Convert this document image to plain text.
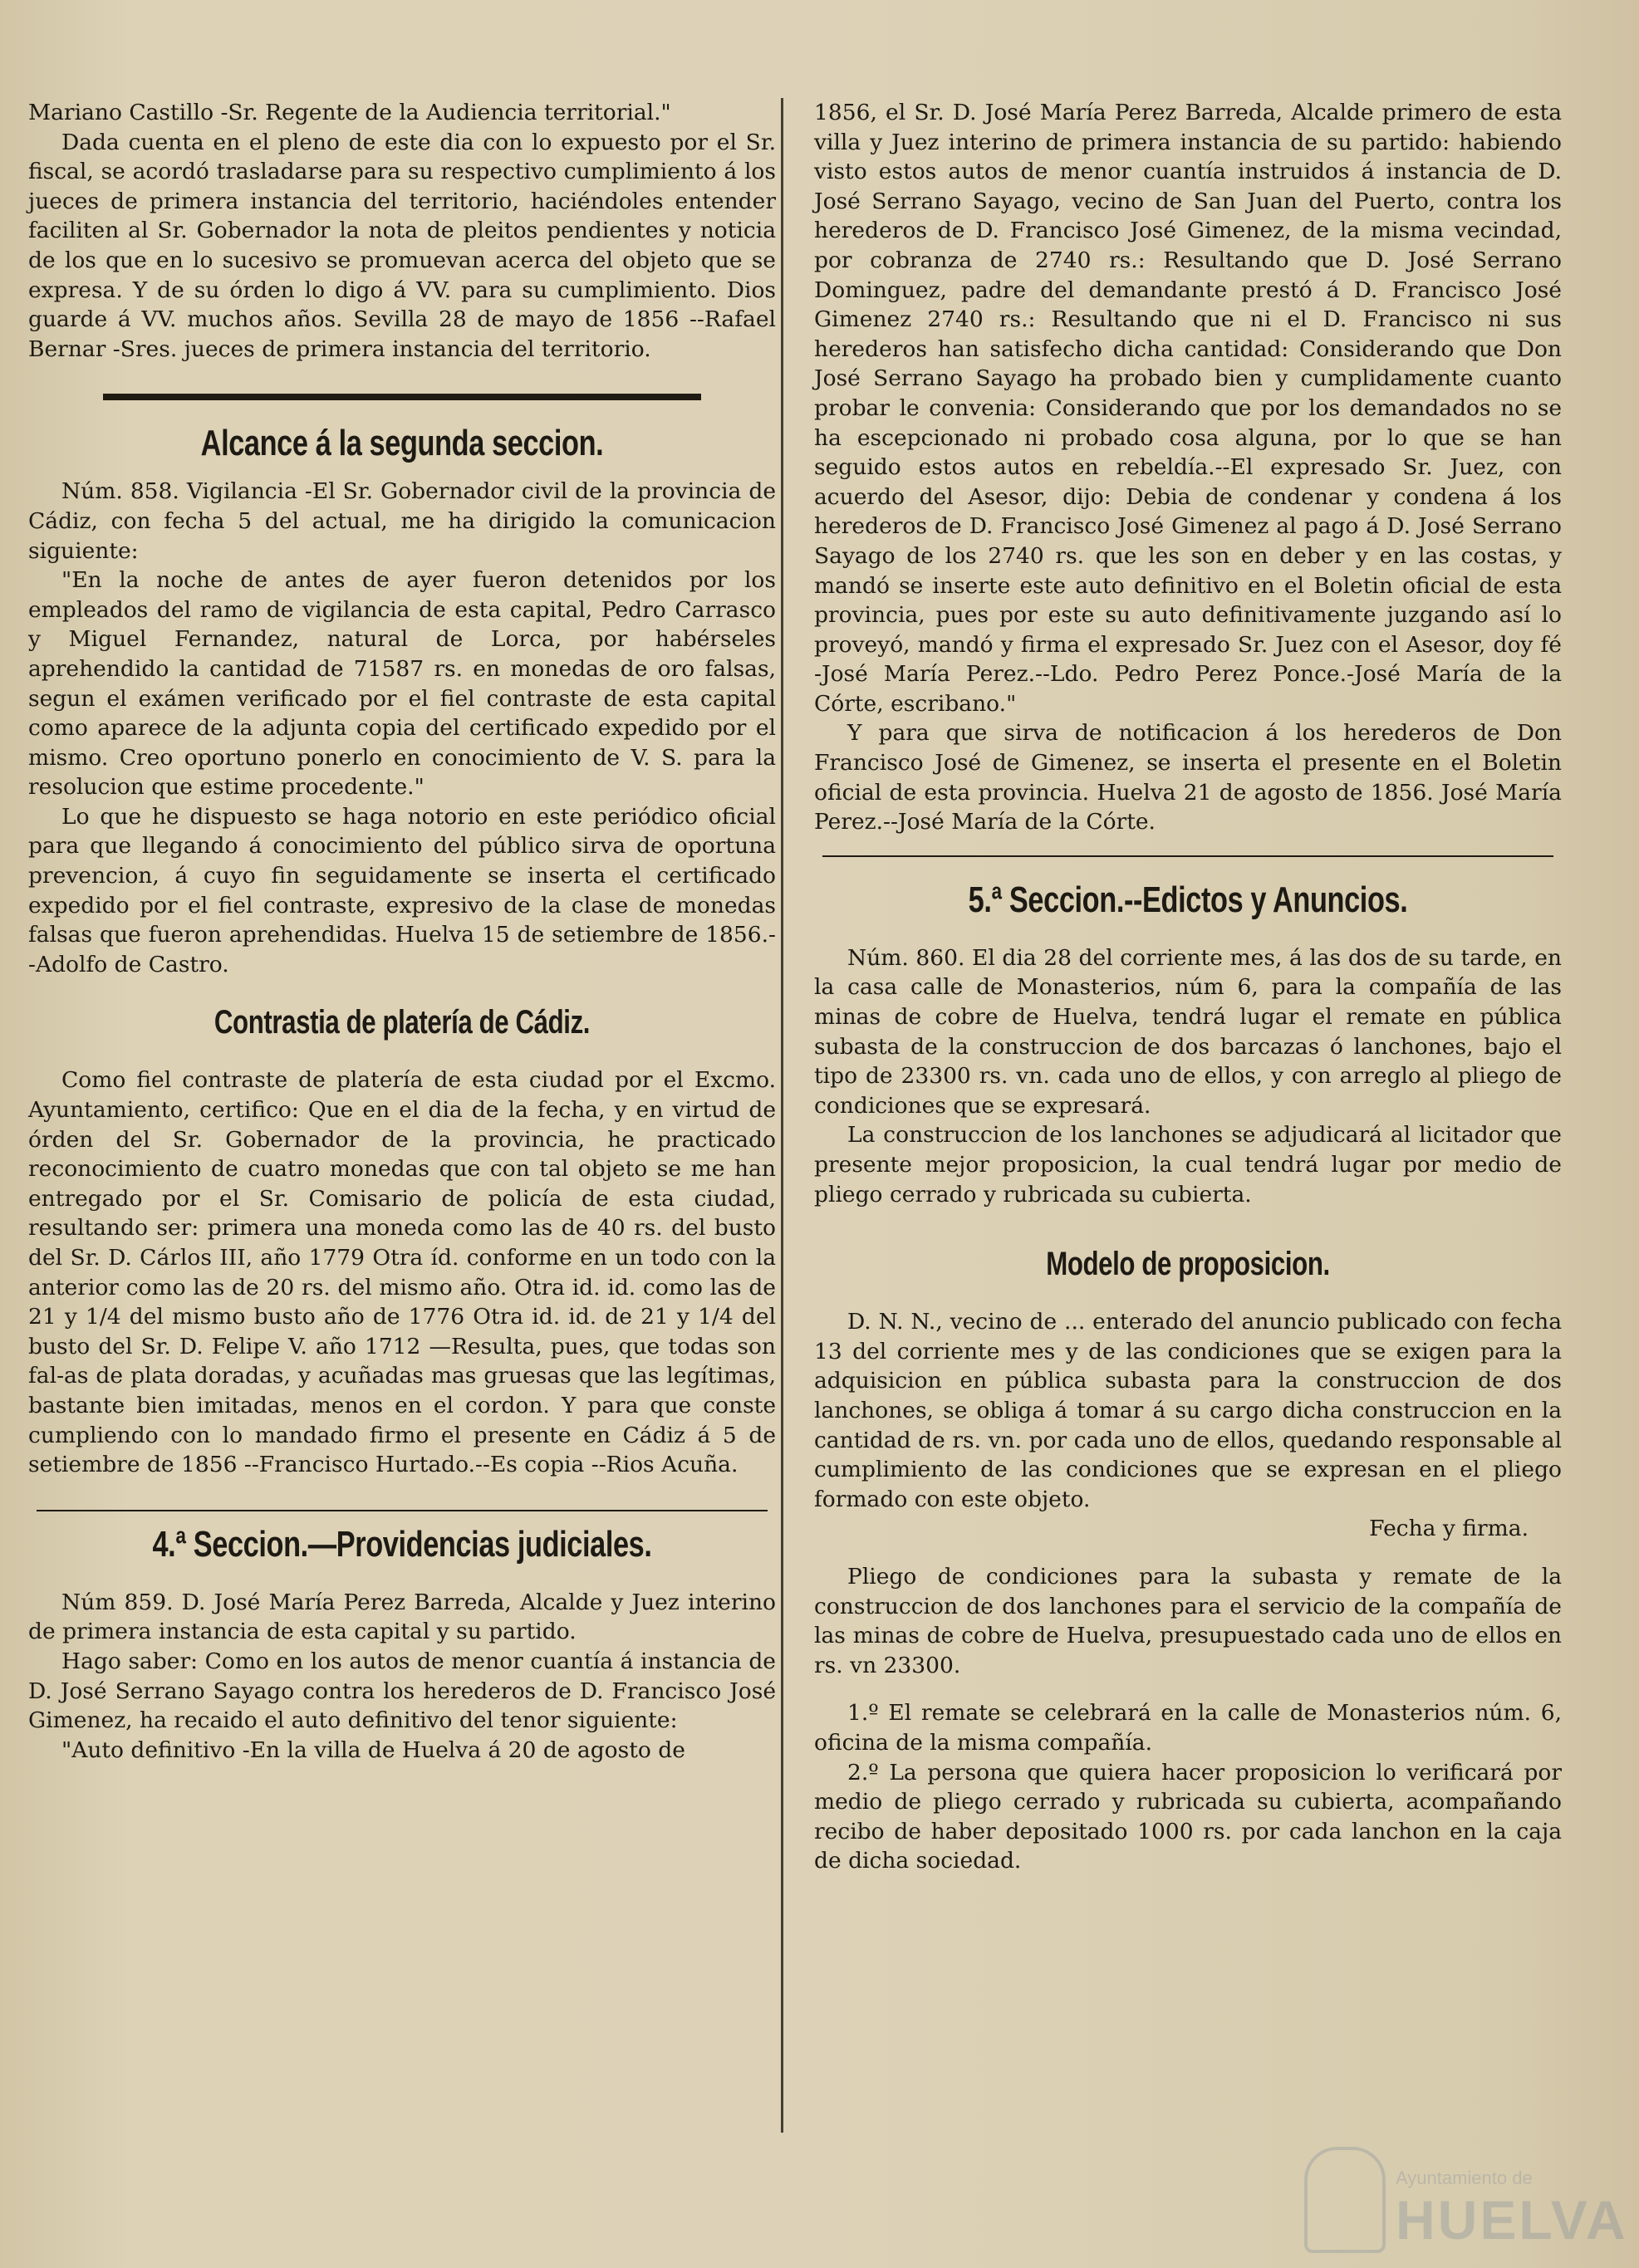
Mariano Castillo -Sr. Regente de la Audiencia territorial."

Dada cuenta en el pleno de este dia con lo expuesto por el Sr. fiscal, se acordó trasladarse para su respectivo cumplimiento á los jueces de primera instancia del territorio, haciéndoles entender faciliten al Sr. Gobernador la nota de pleitos pendientes y noticia de los que en lo sucesivo se promuevan acerca del objeto que se expresa. Y de su órden lo digo á VV. para su cumplimiento. Dios guarde á VV. muchos años. Sevilla 28 de mayo de 1856 --Rafael Bernar -Sres. jueces de primera instancia del territorio.

Alcance á la segunda seccion.

Núm. 858. Vigilancia -El Sr. Gobernador civil de la provincia de Cádiz, con fecha 5 del actual, me ha dirigido la comunicacion siguiente:

"En la noche de antes de ayer fueron detenidos por los empleados del ramo de vigilancia de esta capital, Pedro Carrasco y Miguel Fernandez, natural de Lorca, por habérseles aprehendido la cantidad de 71587 rs. en monedas de oro falsas, segun el exámen verificado por el fiel contraste de esta capital como aparece de la adjunta copia del certificado expedido por el mismo. Creo oportuno ponerlo en conocimiento de V. S. para la resolucion que estime procedente."

Lo que he dispuesto se haga notorio en este periódico oficial para que llegando á conocimiento del público sirva de oportuna prevencion, á cuyo fin seguidamente se inserta el certificado expedido por el fiel contraste, expresivo de la clase de monedas falsas que fueron aprehendidas. Huelva 15 de setiembre de 1856.--Adolfo de Castro.

Contrastia de platería de Cádiz.

Como fiel contraste de platería de esta ciudad por el Excmo. Ayuntamiento, certifico: Que en el dia de la fecha, y en virtud de órden del Sr. Gobernador de la provincia, he practicado reconocimiento de cuatro monedas que con tal objeto se me han entregado por el Sr. Comisario de policía de esta ciudad, resultando ser: primera una moneda como las de 40 rs. del busto del Sr. D. Cárlos III, año 1779 Otra íd. conforme en un todo con la anterior como las de 20 rs. del mismo año. Otra id. id. como las de 21 y 1/4 del mismo busto año de 1776 Otra id. id. de 21 y 1/4 del busto del Sr. D. Felipe V. año 1712 —Resulta, pues, que todas son fal-as de plata doradas, y acuñadas mas gruesas que las legítimas, bastante bien imitadas, menos en el cordon. Y para que conste cumpliendo con lo mandado firmo el presente en Cádiz á 5 de setiembre de 1856 --Francisco Hurtado.--Es copia --Rios Acuña.

4.ª Seccion.—Providencias judiciales.

Núm 859. D. José María Perez Barreda, Alcalde y Juez interino de primera instancia de esta capital y su partido.

Hago saber: Como en los autos de menor cuantía á instancia de D. José Serrano Sayago contra los herederos de D. Francisco José Gimenez, ha recaido el auto definitivo del tenor siguiente:

"Auto definitivo -En la villa de Huelva á 20 de agosto de

1856, el Sr. D. José María Perez Barreda, Alcalde primero de esta villa y Juez interino de primera instancia de su partido: habiendo visto estos autos de menor cuantía instruidos á instancia de D. José Serrano Sayago, vecino de San Juan del Puerto, contra los herederos de D. Francisco José Gimenez, de la misma vecindad, por cobranza de 2740 rs.: Resultando que D. José Serrano Dominguez, padre del demandante prestó á D. Francisco José Gimenez 2740 rs.: Resultando que ni el D. Francisco ni sus herederos han satisfecho dicha cantidad: Considerando que Don José Serrano Sayago ha probado bien y cumplidamente cuanto probar le convenia: Considerando que por los demandados no se ha escepcionado ni probado cosa alguna, por lo que se han seguido estos autos en rebeldía.--El expresado Sr. Juez, con acuerdo del Asesor, dijo: Debia de condenar y condena á los herederos de D. Francisco José Gimenez al pago á D. José Serrano Sayago de los 2740 rs. que les son en deber y en las costas, y mandó se inserte este auto definitivo en el Boletin oficial de esta provincia, pues por este su auto definitivamente juzgando así lo proveyó, mandó y firma el expresado Sr. Juez con el Asesor, doy fé -José María Perez.--Ldo. Pedro Perez Ponce.-José María de la Córte, escribano."

Y para que sirva de notificacion á los herederos de Don Francisco José de Gimenez, se inserta el presente en el Boletin oficial de esta provincia. Huelva 21 de agosto de 1856. José María Perez.--José María de la Córte.

5.ª Seccion.--Edictos y Anuncios.

Núm. 860. El dia 28 del corriente mes, á las dos de su tarde, en la casa calle de Monasterios, núm 6, para la compañía de las minas de cobre de Huelva, tendrá lugar el remate en pública subasta de la construccion de dos barcazas ó lanchones, bajo el tipo de 23300 rs. vn. cada uno de ellos, y con arreglo al pliego de condiciones que se expresará.

La construccion de los lanchones se adjudicará al licitador que presente mejor proposicion, la cual tendrá lugar por medio de pliego cerrado y rubricada su cubierta.

Modelo de proposicion.

D. N. N., vecino de ... enterado del anuncio publicado con fecha 13 del corriente mes y de las condiciones que se exigen para la adquisicion en pública subasta para la construccion de dos lanchones, se obliga á tomar á su cargo dicha construccion en la cantidad de rs. vn. por cada uno de ellos, quedando responsable al cumplimiento de las condiciones que se expresan en el pliego formado con este objeto.

Fecha y firma.

Pliego de condiciones para la subasta y remate de la construccion de dos lanchones para el servicio de la compañía de las minas de cobre de Huelva, presupuestado cada uno de ellos en rs. vn 23300.

1.º El remate se celebrará en la calle de Monasterios núm. 6, oficina de la misma compañía.

2.º La persona que quiera hacer proposicion lo verificará por medio de pliego cerrado y rubricada su cubierta, acompañando recibo de haber depositado 1000 rs. por cada lanchon en la caja de dicha sociedad.

Ayuntamiento de
HUELVA
